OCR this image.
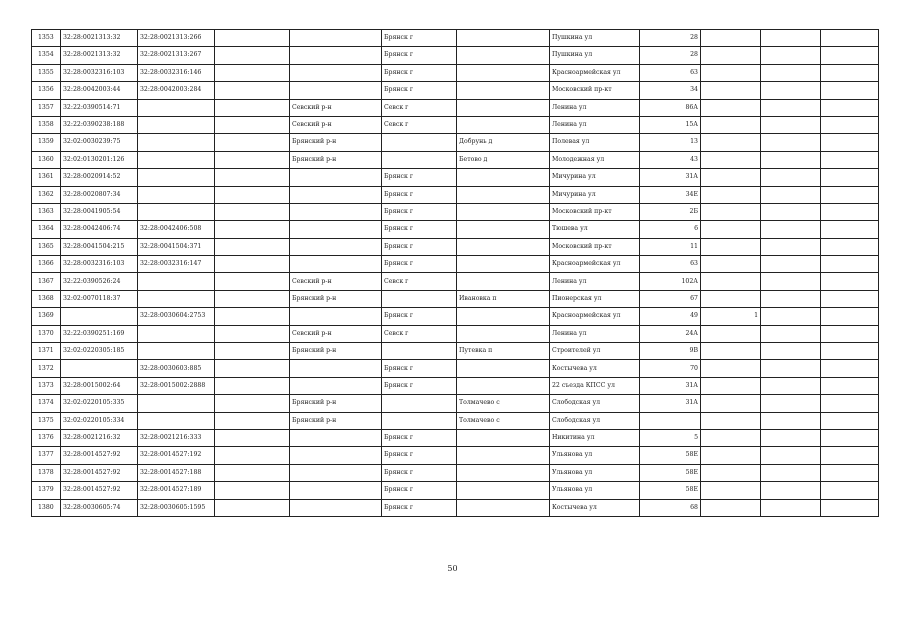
1353	32:28:0021313:32	32:28:0021313:266			Брянск г		Пушкина ул	28			
1354	32:28:0021313:32	32:28:0021313:267			Брянск г		Пушкина ул	28			
1355	32:28:0032316:103	32:28:0032316:146			Брянск г		Красноармейская ул	63			
1356	32:28:0042003:44	32:28:0042003:284			Брянск г		Московский пр-кт	34			
1357	32:22:0390514:71			Севский р-н	Севск г		Ленина ул	86А			
1358	32:22:0390238:188			Севский р-н	Севск г		Ленина ул	15А			
1359	32:02:0030239:75			Брянский р-н		Добрунь д	Полевая ул	13			
1360	32:02:0130201:126			Брянский р-н		Бетово д	Молодежная ул	43			
1361	32:28:0020914:52				Брянск г		Мичурина ул	31А			
1362	32:28:0020807:34				Брянск г		Мичурина ул	34Е			
1363	32:28:0041905:54				Брянск г		Московский пр-кт	2Б			
1364	32:28:0042406:74	32:28:0042406:508			Брянск г		Тюшева ул	6			
1365	32:28:0041504:215	32:28:0041504:371			Брянск г		Московский пр-кт	11			
1366	32:28:0032316:103	32:28:0032316:147			Брянск г		Красноармейская ул	63			
1367	32:22:0390526:24			Севский р-н	Севск г		Ленина ул	102А			
1368	32:02:0070118:37			Брянский р-н		Ивановка п	Пионерская ул	67			
1369		32:28:0030604:2753			Брянск г		Красноармейская ул	49	1		
1370	32:22:0390251:169			Севский р-н	Севск г		Ленина ул	24А			
1371	32:02:0220305:185			Брянский р-н		Путевка п	Строителей ул	9В			
1372		32:28:0030603:885			Брянск г		Костычева ул	70			
1373	32:28:0015002:64	32:28:0015002:2888			Брянск г		22 съезда КПСС ул	31А			
1374	32:02:0220105:335			Брянский р-н		Толмачево с	Слободская ул	31А			
1375	32:02:0220105:334			Брянский р-н		Толмачево с	Слободская ул				
1376	32:28:0021216:32	32:28:0021216:333			Брянск г		Никитина ул	5			
1377	32:28:0014527:92	32:28:0014527:192			Брянск г		Ульянова ул	58Е			
1378	32:28:0014527:92	32:28:0014527:188			Брянск г		Ульянова ул	58Е			
1379	32:28:0014527:92	32:28:0014527:189			Брянск г		Ульянова ул	58Е			
1380	32:28:0030605:74	32:28:0030605:1595			Брянск г		Костычева ул	68			
50
